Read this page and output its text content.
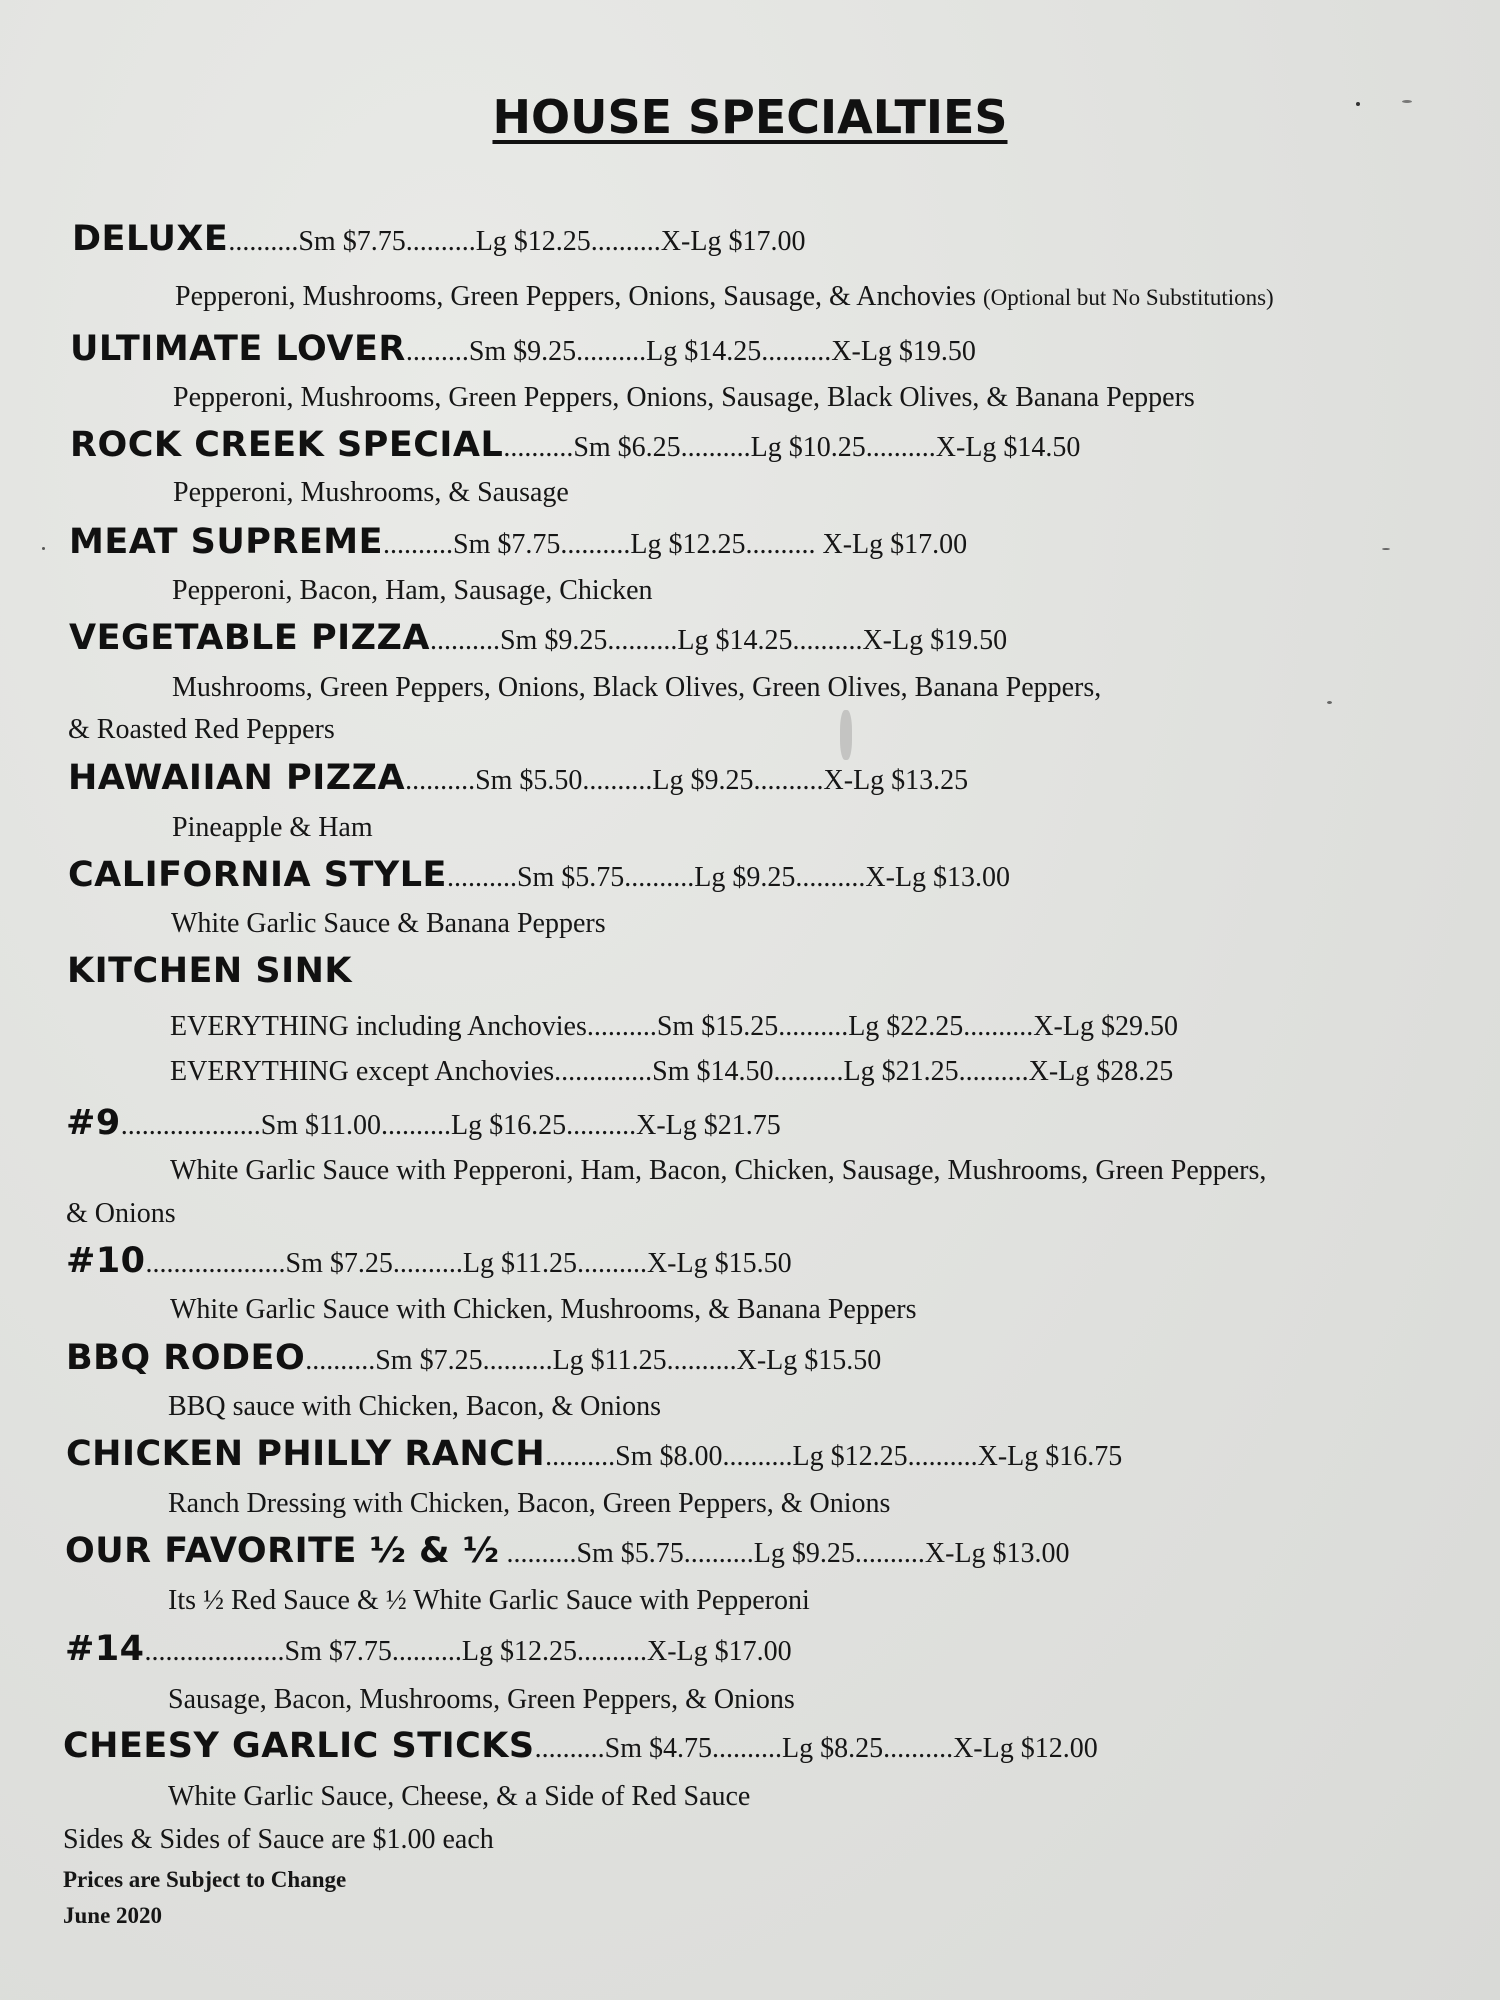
HOUSE SPECIALTIES
DELUXE..........Sm $7.75..........Lg $12.25..........X-Lg $17.00
Pepperoni, Mushrooms, Green Peppers, Onions, Sausage, & Anchovies (Optional but No Substitutions)
ULTIMATE LOVER.........Sm $9.25..........Lg $14.25..........X-Lg $19.50
Pepperoni, Mushrooms, Green Peppers, Onions, Sausage, Black Olives, & Banana Peppers
ROCK CREEK SPECIAL..........Sm $6.25..........Lg $10.25..........X-Lg $14.50
Pepperoni, Mushrooms, & Sausage
MEAT SUPREME..........Sm $7.75..........Lg $12.25.......... X-Lg $17.00
Pepperoni, Bacon, Ham, Sausage, Chicken
VEGETABLE PIZZA..........Sm $9.25..........Lg $14.25..........X-Lg $19.50
Mushrooms, Green Peppers, Onions, Black Olives, Green Olives, Banana Peppers,
& Roasted Red Peppers
HAWAIIAN PIZZA..........Sm $5.50..........Lg $9.25..........X-Lg $13.25
Pineapple & Ham
CALIFORNIA STYLE..........Sm $5.75..........Lg $9.25..........X-Lg $13.00
White Garlic Sauce & Banana Peppers
KITCHEN SINK
EVERYTHING including Anchovies..........Sm $15.25..........Lg $22.25..........X-Lg $29.50
EVERYTHING except Anchovies..............Sm $14.50..........Lg $21.25..........X-Lg $28.25
#9....................Sm $11.00..........Lg $16.25..........X-Lg $21.75
White Garlic Sauce with Pepperoni, Ham, Bacon, Chicken, Sausage, Mushrooms, Green Peppers,
& Onions
#10....................Sm $7.25..........Lg $11.25..........X-Lg $15.50
White Garlic Sauce with Chicken, Mushrooms, & Banana Peppers
BBQ RODEO..........Sm $7.25..........Lg $11.25..........X-Lg $15.50
BBQ sauce with Chicken, Bacon, & Onions
CHICKEN PHILLY RANCH..........Sm $8.00..........Lg $12.25..........X-Lg $16.75
Ranch Dressing with Chicken, Bacon, Green Peppers, & Onions
OUR FAVORITE ½ & ½ ..........Sm $5.75..........Lg $9.25..........X-Lg $13.00
Its ½ Red Sauce & ½ White Garlic Sauce with Pepperoni
#14....................Sm $7.75..........Lg $12.25..........X-Lg $17.00
Sausage, Bacon, Mushrooms, Green Peppers, & Onions
CHEESY GARLIC STICKS..........Sm $4.75..........Lg $8.25..........X-Lg $12.00
White Garlic Sauce, Cheese, & a Side of Red Sauce
Sides & Sides of Sauce are $1.00 each
Prices are Subject to Change
June 2020
